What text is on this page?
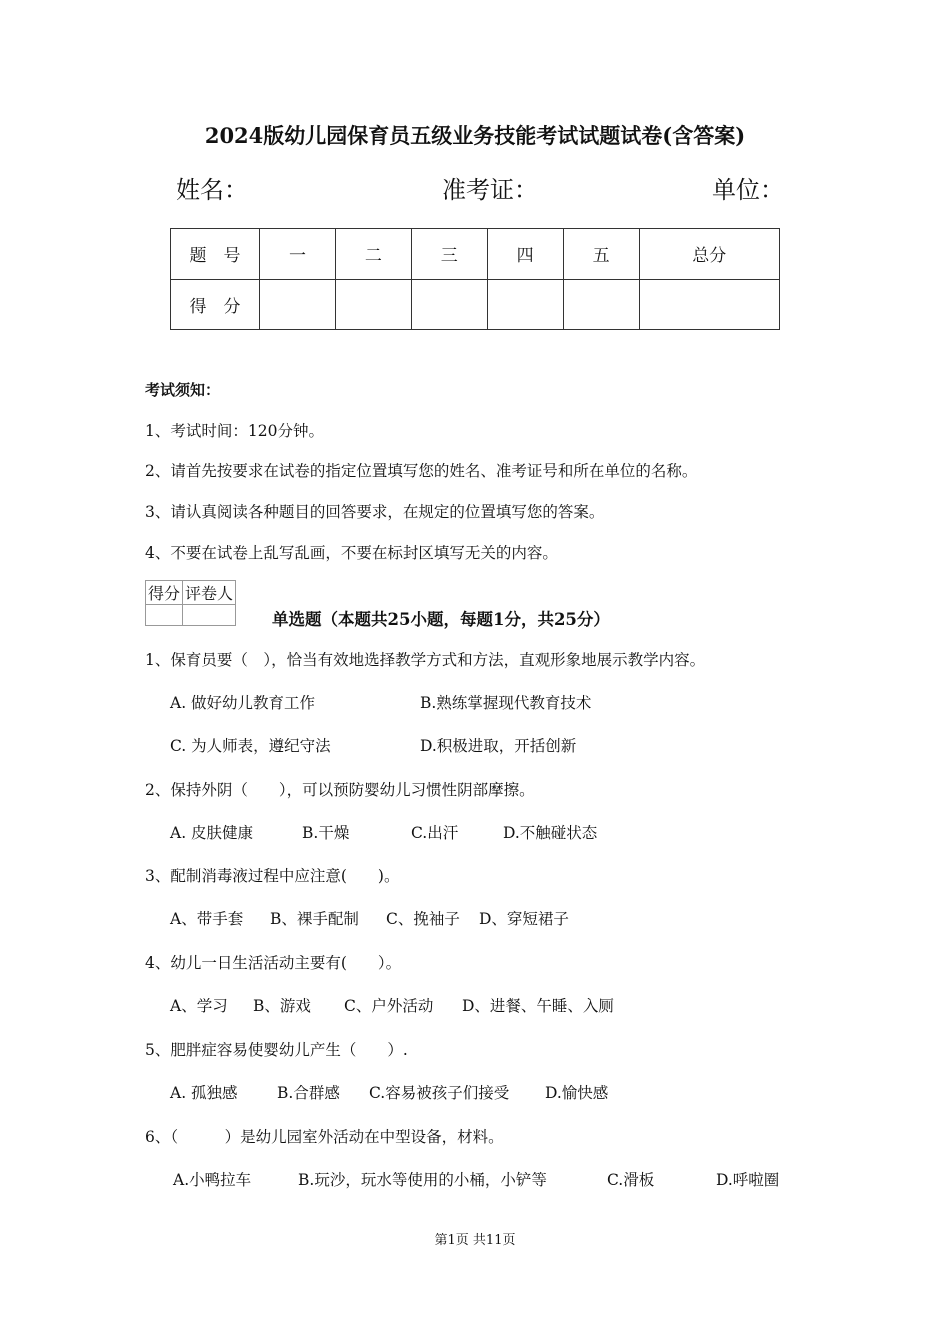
2024版幼儿园保育员五级业务技能考试试题试卷(含答案)
姓名：	准考证：	单位：
题　号	一	二	三	四	五	总分
得　分						
考试须知：
1、考试时间：120分钟。
2、请首先按要求在试卷的指定位置填写您的姓名、准考证号和所在单位的名称。
3、请认真阅读各种题目的回答要求，在规定的位置填写您的答案。
4、不要在试卷上乱写乱画，不要在标封区填写无关的内容。
得分	评卷人

单选题（本题共25小题，每题1分，共25分）
1、保育员要（　），恰当有效地选择教学方式和方法，直观形象地展示教学内容。
A. 做好幼儿教育工作	B.熟练掌握现代教育技术
C. 为人师表，遵纪守法	D.积极进取，开括创新
2、保持外阴（　　），可以预防婴幼儿习惯性阴部摩擦。
A. 皮肤健康	B.干燥	C.出汗	D.不触碰状态
3、配制消毒液过程中应注意(　　)。
A、带手套 B、裸手配制 C、挽袖子 D、穿短裙子
4、幼儿一日生活活动主要有(　　）。
A、学习 B、游戏 C、户外活动 D、进餐、午睡、入厕
5、肥胖症容易使婴幼儿产生（　　）.
A. 孤独感	B.合群感 C.容易被孩子们接受 D.愉快感
6、（　　　）是幼儿园室外活动在中型设备，材料。
A.小鸭拉车	B.玩沙，玩水等使用的小桶，小铲等	C.滑板	D.呼啦圈
第1页 共11页
